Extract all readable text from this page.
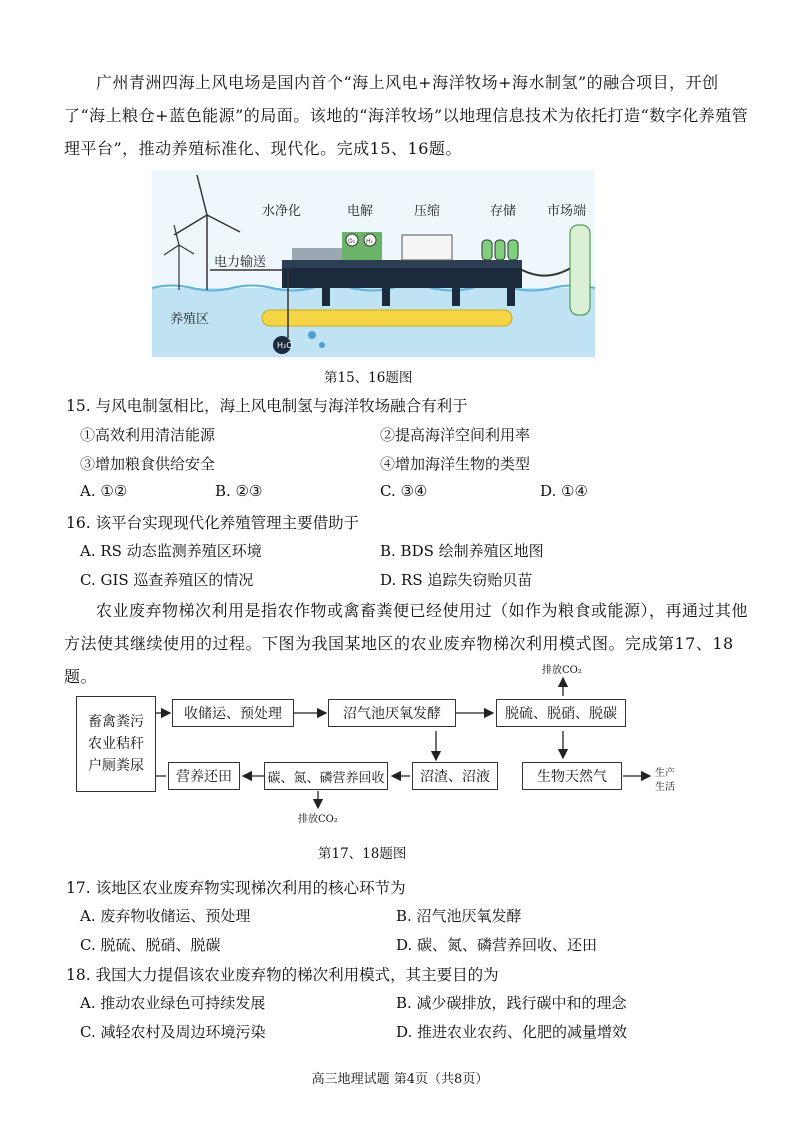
广州青洲四海上风电场是国内首个“海上风电+海洋牧场+海水制氢”的融合项目，开创了“海上粮仓+蓝色能源”的局面。该地的“海洋牧场”以地理信息技术为依托打造“数字化养殖管理平台”，推动养殖标准化、现代化。完成15、16题。
H₂O
O₂ H₂
水净化	电解	压缩	存储 市场端
电力输送
养殖区
第15、16题图
15. 与风电制氢相比，海上风电制氢与海洋牧场融合有利于
①高效利用清洁能源	②提高海洋空间利用率
③增加粮食供给安全	④增加海洋生物的类型
A. ①②	B. ②③	C. ③④	D. ①④
16. 该平台实现现代化养殖管理主要借助于
A. RS 动态监测养殖区环境	B. BDS 绘制养殖区地图
C. GIS 巡查养殖区的情况	D. RS 追踪失窃贻贝苗
农业废弃物梯次利用是指农作物或禽畜粪便已经使用过（如作为粮食或能源），再通过其他方法使其继续使用的过程。下图为我国某地区的农业废弃物梯次利用模式图。完成第17、18题。
畜禽粪污农业秸秆户厕粪尿
收储运、预处理	沼气池厌氧发酵	脱硫、脱硝、脱碳
排放CO₂
沼渣、沼液
碳、氮、磷营养回收
营养还田	生物天然气	生产
生活
排放CO₂
第17、18题图
17. 该地区农业废弃物实现梯次利用的核心环节为
A. 废弃物收储运、预处理	B. 沼气池厌氧发酵
C. 脱硫、脱硝、脱碳	D. 碳、氮、磷营养回收、还田
18. 我国大力提倡该农业废弃物的梯次利用模式，其主要目的为
A. 推动农业绿色可持续发展	B. 减少碳排放，践行碳中和的理念
C. 减轻农村及周边环境污染	D. 推进农业农药、化肥的减量增效
高三地理试题 第4页（共8页）
